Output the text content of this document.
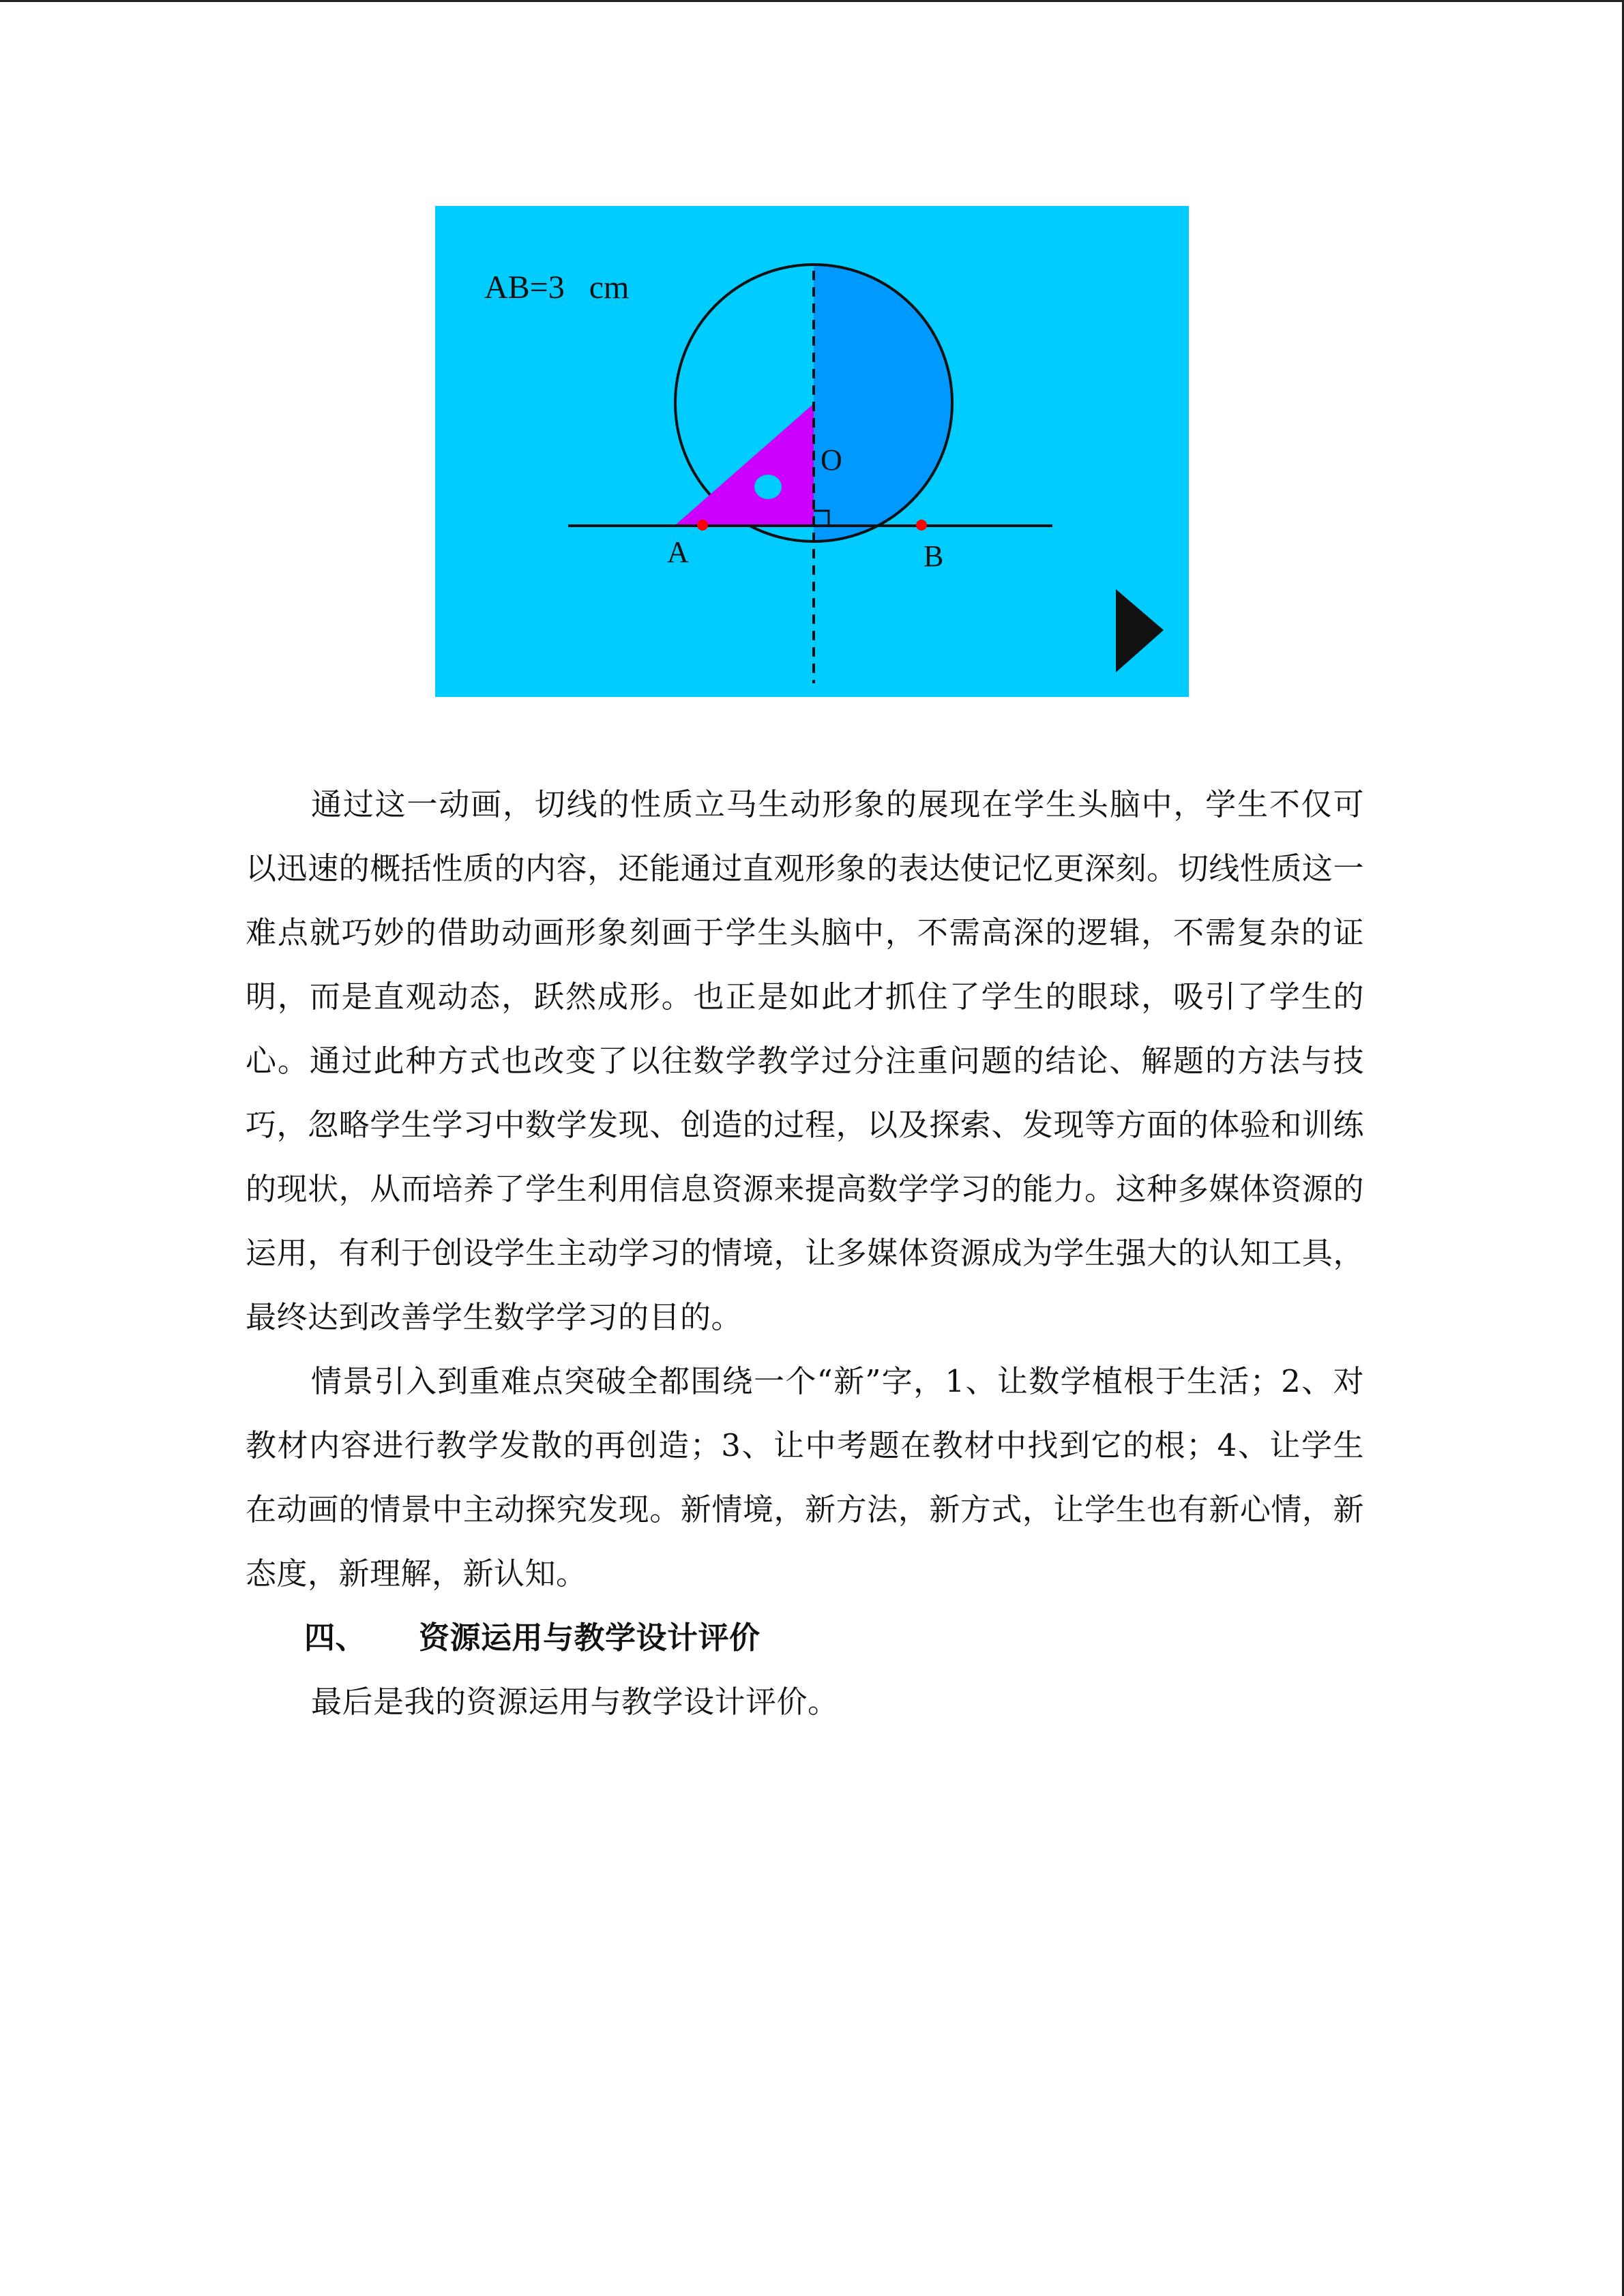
AB=3   cm
O
A	B

通过这一动画，切线的性质立马生动形象的展现在学生头脑中，学生不仅可以迅速的概括性质的内容，还能通过直观形象的表达使记忆更深刻。切线性质这一难点就巧妙的借助动画形象刻画于学生头脑中，不需高深的逻辑，不需复杂的证明，而是直观动态，跃然成形。也正是如此才抓住了学生的眼球，吸引了学生的心。通过此种方式也改变了以往数学教学过分注重问题的结论、解题的方法与技巧，忽略学生学习中数学发现、创造的过程，以及探索、发现等方面的体验和训练的现状，从而培养了学生利用信息资源来提高数学学习的能力。这种多媒体资源的运用，有利于创设学生主动学习的情境，让多媒体资源成为学生强大的认知工具，最终达到改善学生数学学习的目的。

情景引入到重难点突破全都围绕一个“新”字，1、让数学植根于生活；2、对教材内容进行教学发散的再创造；3、让中考题在教材中找到它的根；4、让学生在动画的情景中主动探究发现。新情境，新方法，新方式，让学生也有新心情，新态度，新理解，新认知。

四、 资源运用与教学设计评价

最后是我的资源运用与教学设计评价。
